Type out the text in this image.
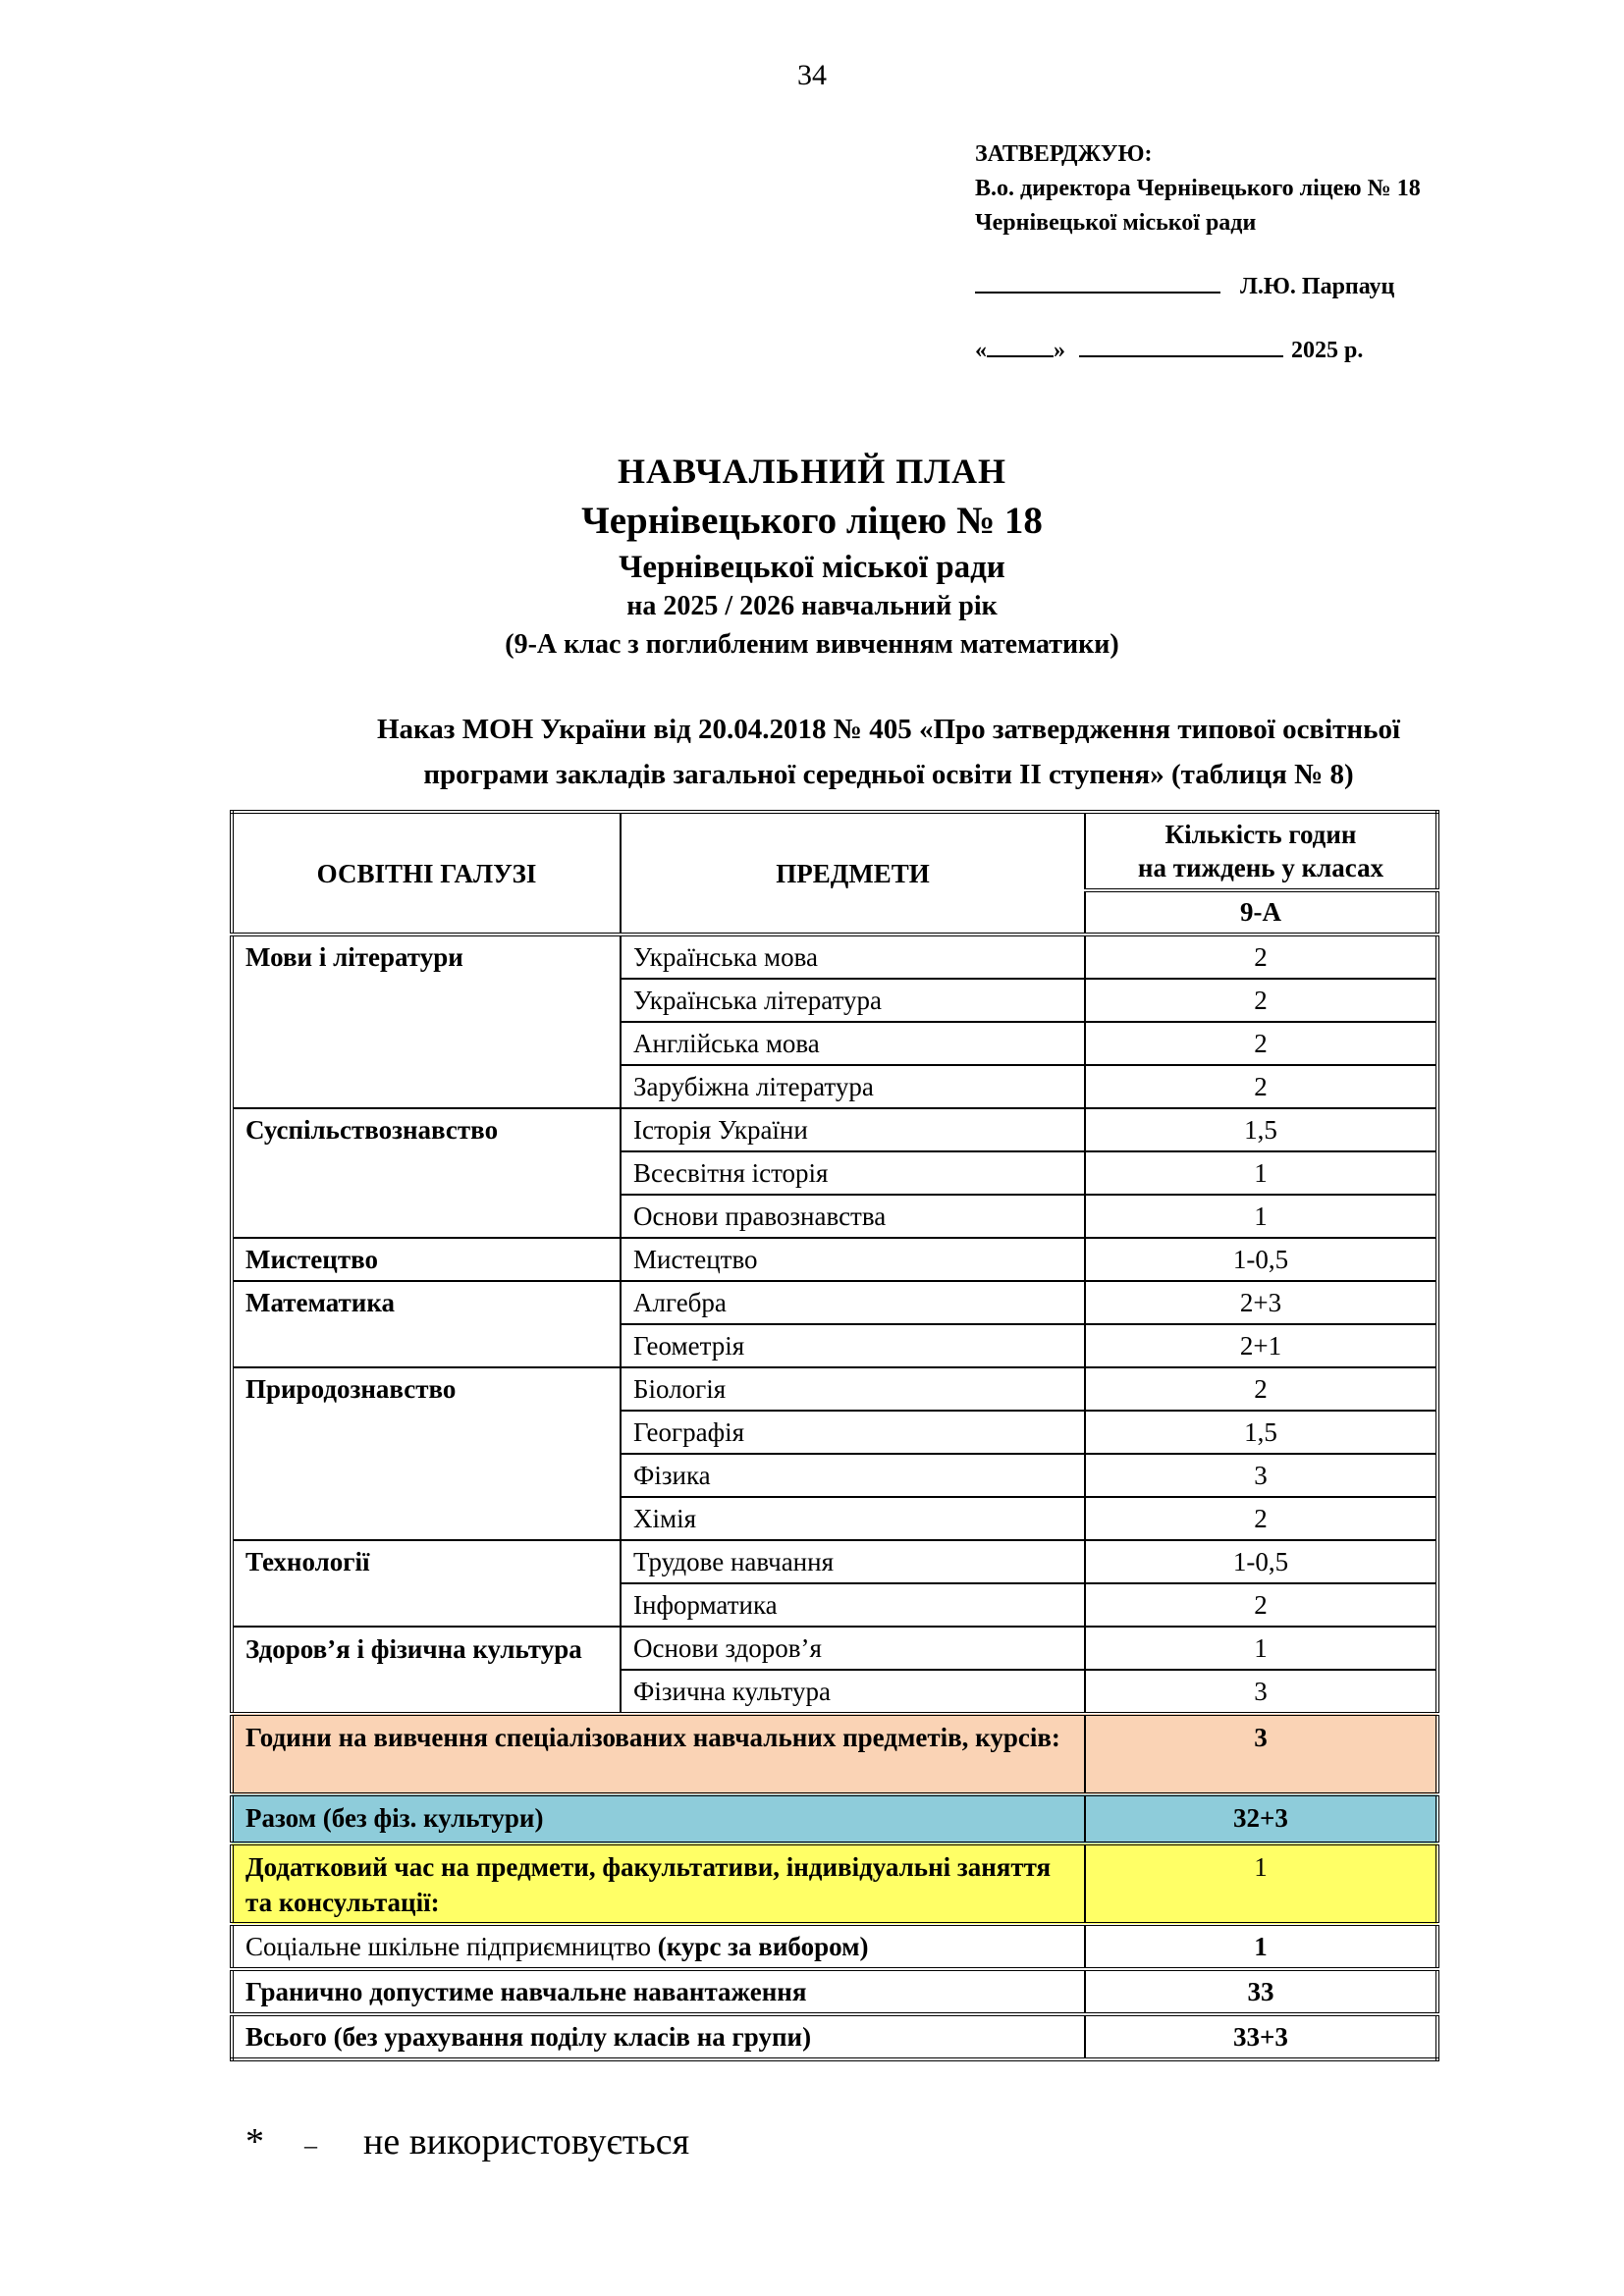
34
ЗАТВЕРДЖУЮ:
В.о. директора Чернівецького ліцею № 18
Чернівецької міської ради
Л.Ю. Парпауц
«	»	2025 р.
НАВЧАЛЬНИЙ ПЛАН
Чернівецького ліцею № 18
Чернівецької міської ради
на 2025 / 2026 навчальний рік
(9-А клас з поглибленим вивченням математики)
Наказ МОН України від 20.04.2018 № 405 «Про затвердження типової освітньої
програми закладів загальної середньої освіти ІІ ступеня» (таблиця № 8)
ОСВІТНІ ГАЛУЗІ	ПРЕДМЕТИ	Кількість годин
на тиждень у класах

		9-А
Мови і літератури	Українська мова	2
	Українська література	2
	Англійська мова	2
	Зарубіжна література	2
Суспільствознавство	Історія України	1,5
	Всесвітня історія	1
	Основи правознавства	1
Мистецтво	Мистецтво	1-0,5
Математика	Алгебра	2+3
	Геометрія	2+1
Природознавство	Біологія	2
	Географія	1,5
	Фізика	3
	Хімія	2
Технології	Трудове навчання	1-0,5
	Інформатика	2
Здоров’я і фізична культура	Основи здоров’я	1
	Фізична культура	3
Години на вивчення спеціалізованих навчальних предметів, курсів:		3
Разом (без фіз. культури)		32+3
Додатковий час на предмети, факультативи, індивідуальні заняття та консультації:		1
Соціальне шкільне підприємництво (курс за вибором)		1
Гранично допустиме навчальне навантаження		33
Всього (без урахування поділу класів на групи)		33+3
* – не використовується
